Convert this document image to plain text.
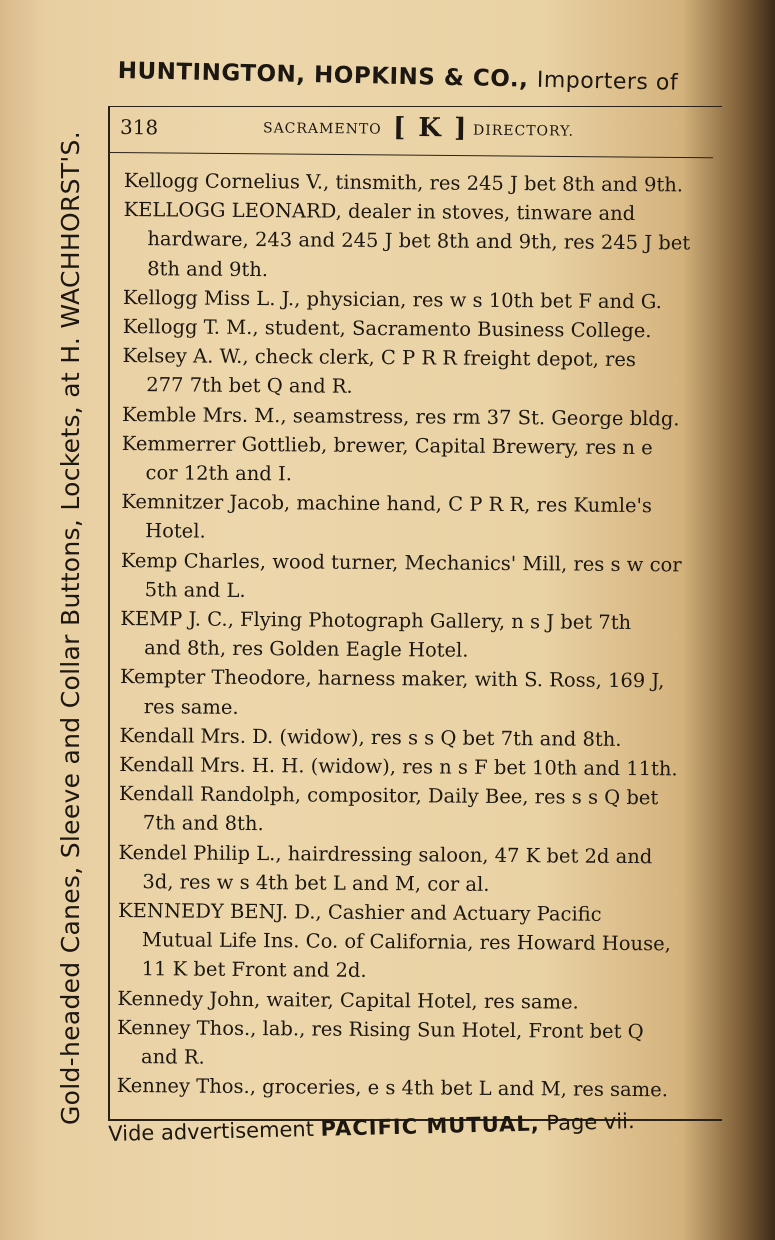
HUNTINGTON, HOPKINS & CO., Importers of
Gold-headed Canes, Sleeve and Collar Buttons, Lockets, at H. WACHHORST'S.
318	SACRAMENTO [ K ] DIRECTORY.
Kellogg Cornelius V., tinsmith, res 245 J bet 8th and 9th.
KELLOGG LEONARD, dealer in stoves, tinware and
hardware, 243 and 245 J bet 8th and 9th, res 245 J bet
8th and 9th.
Kellogg Miss L. J., physician, res w s 10th bet F and G.
Kellogg T. M., student, Sacramento Business College.
Kelsey A. W., check clerk, C P R R freight depot, res
277 7th bet Q and R.
Kemble Mrs. M., seamstress, res rm 37 St. George bldg.
Kemmerrer Gottlieb, brewer, Capital Brewery, res n e
cor 12th and I.
Kemnitzer Jacob, machine hand, C P R R, res Kumle's
Hotel.
Kemp Charles, wood turner, Mechanics' Mill, res s w cor
5th and L.
KEMP J. C., Flying Photograph Gallery, n s J bet 7th
and 8th, res Golden Eagle Hotel.
Kempter Theodore, harness maker, with S. Ross, 169 J,
res same.
Kendall Mrs. D. (widow), res s s Q bet 7th and 8th.
Kendall Mrs. H. H. (widow), res n s F bet 10th and 11th.
Kendall Randolph, compositor, Daily Bee, res s s Q bet
7th and 8th.
Kendel Philip L., hairdressing saloon, 47 K bet 2d and
3d, res w s 4th bet L and M, cor al.
KENNEDY BENJ. D., Cashier and Actuary Pacific
Mutual Life Ins. Co. of California, res Howard House,
11 K bet Front and 2d.
Kennedy John, waiter, Capital Hotel, res same.
Kenney Thos., lab., res Rising Sun Hotel, Front bet Q
and R.
Kenney Thos., groceries, e s 4th bet L and M, res same.
Vide advertisement PACIFIC MUTUAL, Page vii.
